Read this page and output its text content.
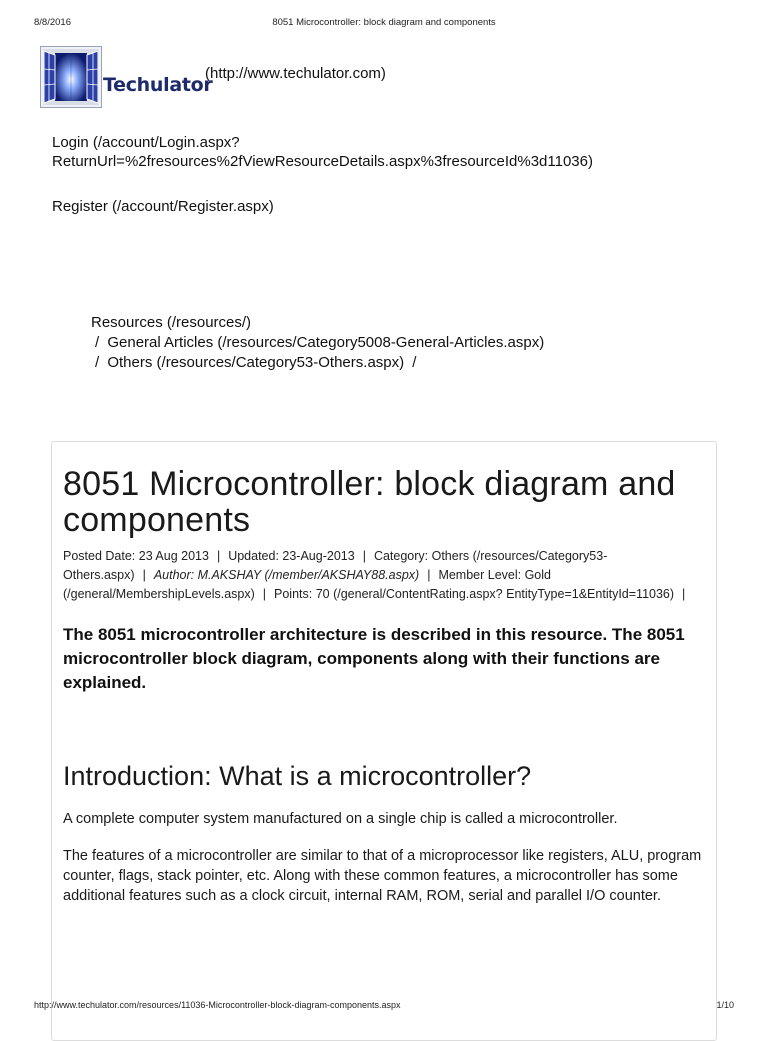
8/8/2016	8051 Microcontroller: block diagram and components
Techulator
(http://www.techulator.com)
Login (/account/Login.aspx? ReturnUrl=%2fresources%2fViewResourceDetails.aspx%3fresourceId%3d11036)
Register (/account/Register.aspx)
Resources (/resources/)
/ General Articles (/resources/Category5008-General-Articles.aspx)
/ Others (/resources/Category53-Others.aspx) /
8051 Microcontroller: block diagram and components
Posted Date: 23 Aug 2013 | Updated: 23-Aug-2013 | Category: Others (/resources/Category53-Others.aspx) | Author: M.AKSHAY (/member/AKSHAY88.aspx) | Member Level: Gold (/general/MembershipLevels.aspx) | Points: 70 (/general/ContentRating.aspx? EntityType=1&EntityId=11036) |
The 8051 microcontroller architecture is described in this resource. The 8051 microcontroller block diagram, components along with their functions are explained.
Introduction: What is a microcontroller?
A complete computer system manufactured on a single chip is called a microcontroller.
The features of a microcontroller are similar to that of a microprocessor like registers, ALU, program counter, flags, stack pointer, etc. Along with these common features, a microcontroller has some additional features such as a clock circuit, internal RAM, ROM, serial and parallel I/O counter.
http://www.techulator.com/resources/11036-Microcontroller-block-diagram-components.aspx	1/10
